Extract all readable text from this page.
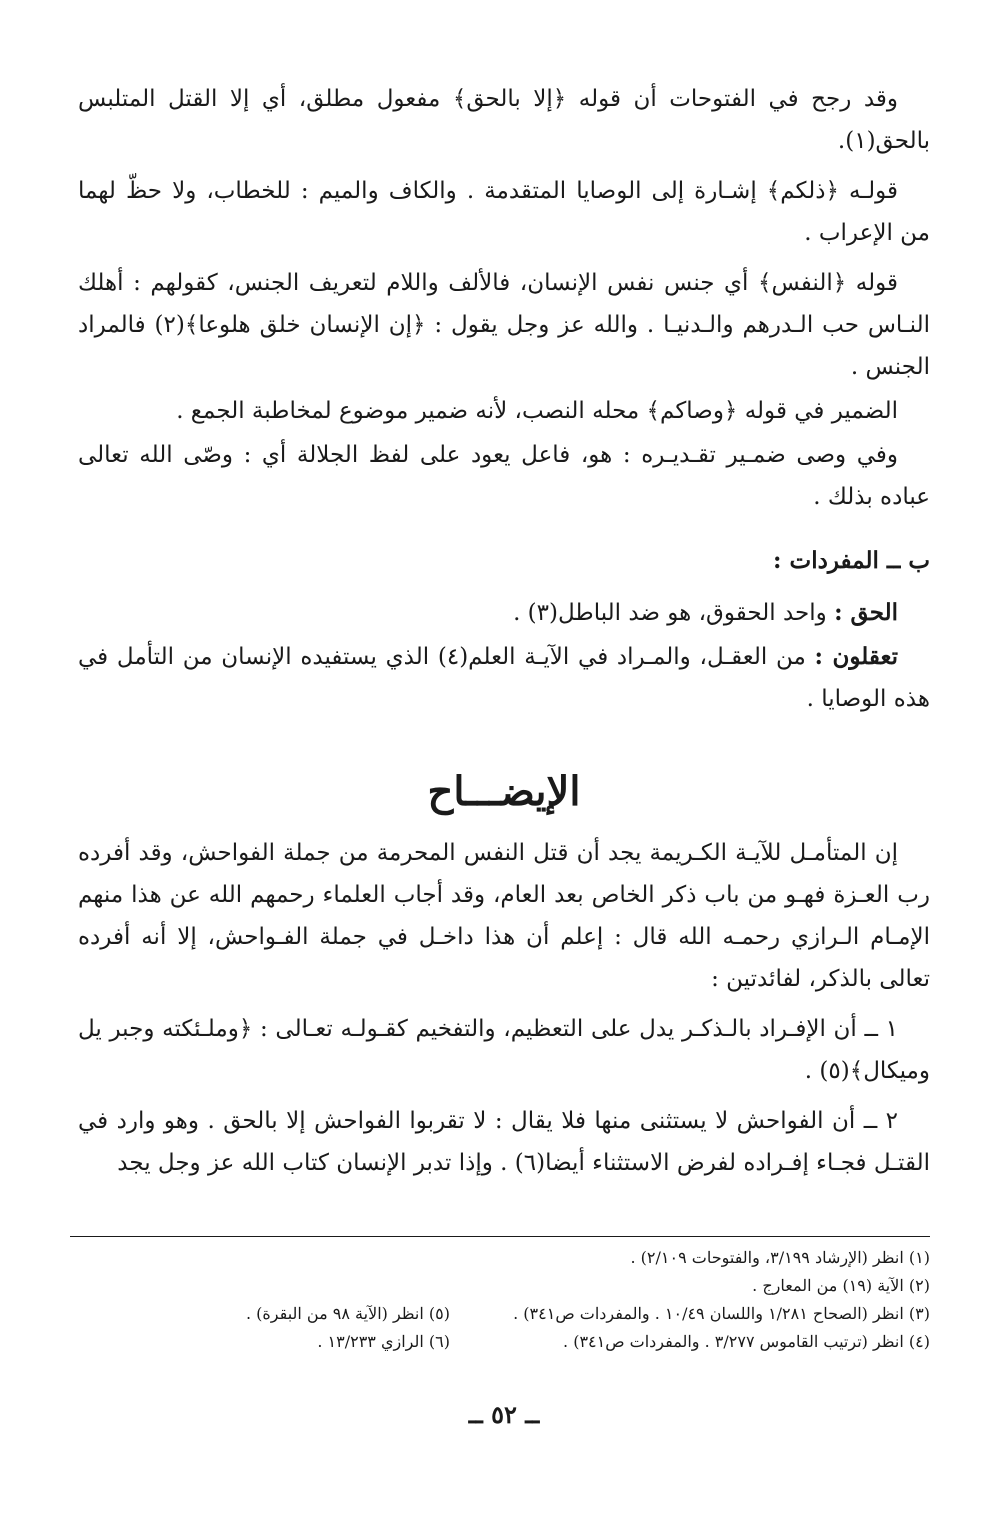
وقد رجح في الفتوحات أن قوله ﴿إلا بالحق﴾ مفعول مطلق، أي إلا القتل المتلبس بالحق(١).

قولـه ﴿ذلكم﴾ إشـارة إلى الوصايا المتقدمة . والكاف والميم : للخطاب، ولا حظّ لهما من الإعراب .

قوله ﴿النفس﴾ أي جنس نفس الإنسان، فالألف واللام لتعريف الجنس، كقولهم : أهلك النـاس حب الـدرهم والـدنيـا . والله عز وجل يقول : ﴿إن الإنسان خلق هلوعا﴾(٢) فالمراد الجنس .

الضمير في قوله ﴿وصاكم﴾ محله النصب، لأنه ضمير موضوع لمخاطبة الجمع .

وفي وصى ضمـير تقـديـره : هو، فاعل يعود على لفظ الجلالة أي : وصّى الله تعالى عباده بذلك .

ب ــ المفردات :

الحق : واحد الحقوق، هو ضد الباطل(٣) .

تعقلون : من العقـل، والمـراد في الآيـة العلم(٤) الذي يستفيده الإنسان من التأمل في هذه الوصايا .

الإيضـــاح

إن المتأمـل للآيـة الكـريمة يجد أن قتل النفس المحرمة من جملة الفواحش، وقد أفرده رب العـزة فهـو من باب ذكر الخاص بعد العام، وقد أجاب العلماء رحمهم الله عن هذا منهم الإمـام الـرازي رحمـه الله قال : إعلم أن هذا داخـل في جملة الفـواحش، إلا أنه أفرده تعالى بالذكر، لفائدتين :

١ ــ أن الإفـراد بالـذكـر يدل على التعظيم، والتفخيم كقـولـه تعـالى : ﴿وملـئكته وجبر يل وميكال﴾(٥) .

٢ ــ أن الفواحش لا يستثنى منها فلا يقال : لا تقربوا الفواحش إلا بالحق . وهو وارد في القتـل فجـاء إفـراده لفرض الاستثناء أيضا(٦) . وإذا تدبر الإنسان كتاب الله عز وجل يجد

(١) انظر (الإرشاد ٣/١٩٩، والفتوحات ٢/١٠٩) .
(٢) الآية (١٩) من المعارج .
(٣) انظر (الصحاح ١/٢٨١ واللسان ١٠/٤٩ . والمفردات ص٣٤١) .
(٥) انظر (الآية ٩٨ من البقرة) .
(٤) انظر (ترتيب القاموس ٣/٢٧٧ . والمفردات ص٣٤١) .
(٦) الرازي ١٣/٢٣٣ .
ــ ٥٢ ــ
